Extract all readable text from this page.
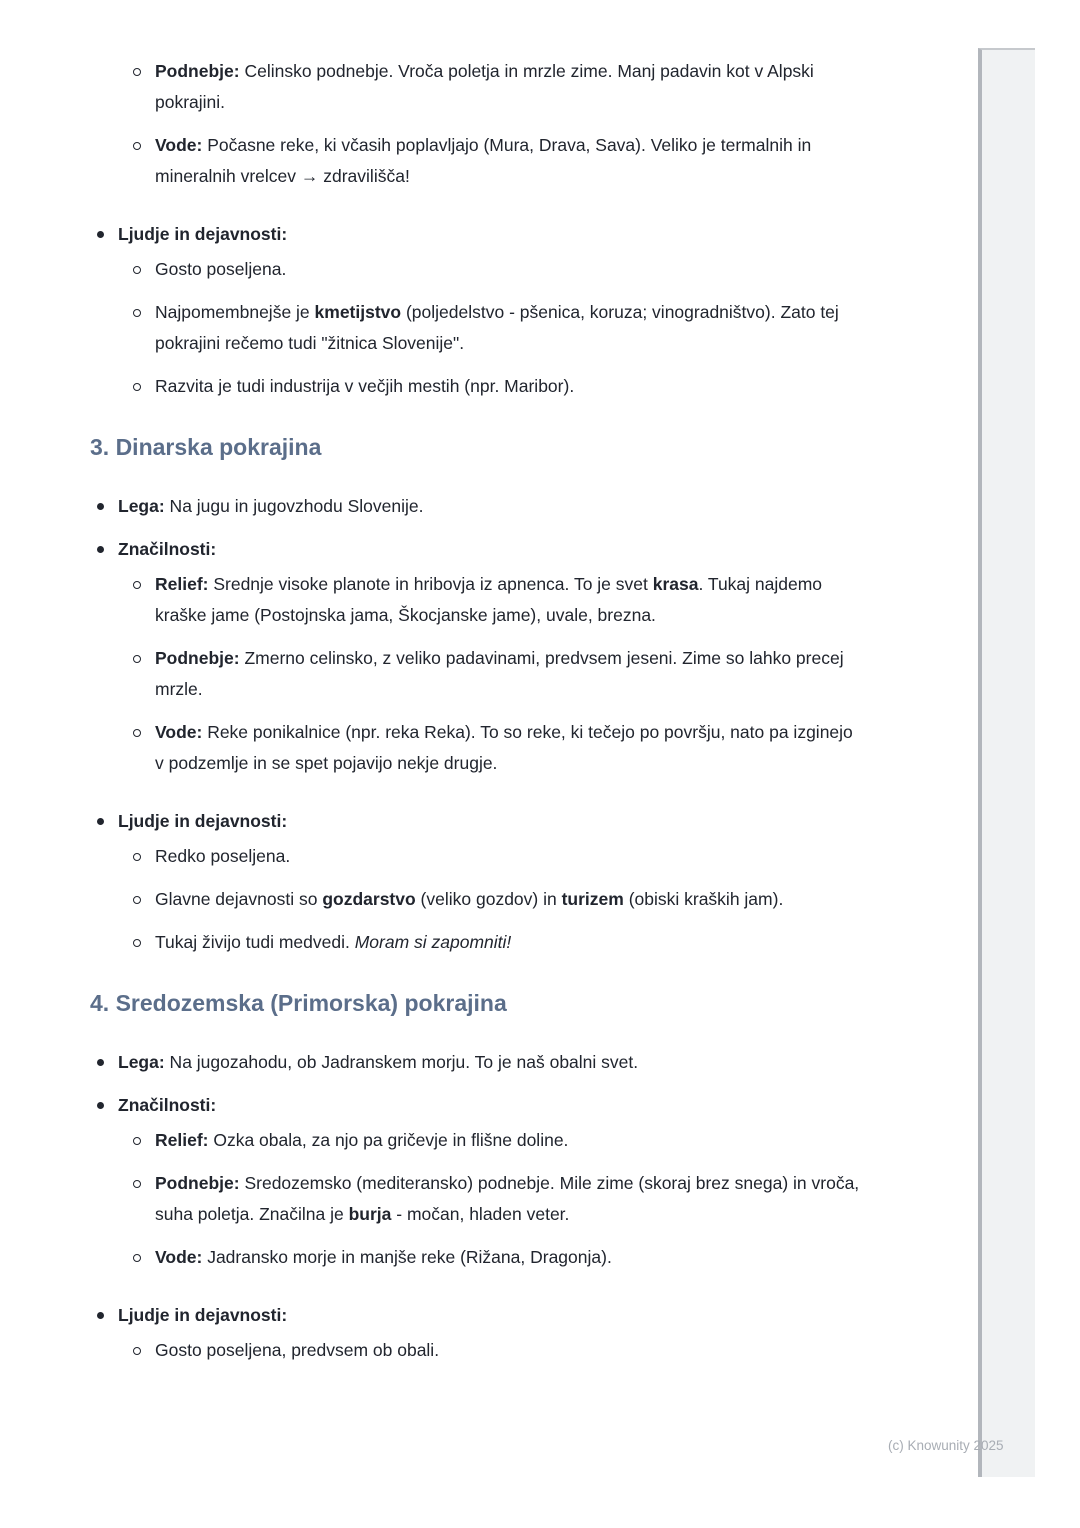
Podnebje: Celinsko podnebje. Vroča poletja in mrzle zime. Manj padavin kot v Alpski pokrajini.

Vode: Počasne reke, ki včasih poplavljajo (Mura, Drava, Sava). Veliko je termalnih in mineralnih vrelcev → zdravilišča!

Ljudje in dejavnosti:

Gosto poseljena.

Najpomembnejše je kmetijstvo (poljedelstvo - pšenica, koruza; vinogradništvo). Zato tej pokrajini rečemo tudi "žitnica Slovenije".

Razvita je tudi industrija v večjih mestih (npr. Maribor).

3. Dinarska pokrajina

Lega: Na jugu in jugovzhodu Slovenije.

Značilnosti:

Relief: Srednje visoke planote in hribovja iz apnenca. To je svet krasa. Tukaj najdemo kraške jame (Postojnska jama, Škocjanske jame), uvale, brezna.

Podnebje: Zmerno celinsko, z veliko padavinami, predvsem jeseni. Zime so lahko precej mrzle.

Vode: Reke ponikalnice (npr. reka Reka). To so reke, ki tečejo po površju, nato pa izginejo v podzemlje in se spet pojavijo nekje drugje.

Ljudje in dejavnosti:

Redko poseljena.

Glavne dejavnosti so gozdarstvo (veliko gozdov) in turizem (obiski kraških jam).

Tukaj živijo tudi medvedi. Moram si zapomniti!

4. Sredozemska (Primorska) pokrajina

Lega: Na jugozahodu, ob Jadranskem morju. To je naš obalni svet.

Značilnosti:

Relief: Ozka obala, za njo pa gričevje in flišne doline.

Podnebje: Sredozemsko (mediteransko) podnebje. Mile zime (skoraj brez snega) in vroča, suha poletja. Značilna je burja - močan, hladen veter.

Vode: Jadransko morje in manjše reke (Rižana, Dragonja).

Ljudje in dejavnosti:

Gosto poseljena, predvsem ob obali.

(c) Knowunity 2025
